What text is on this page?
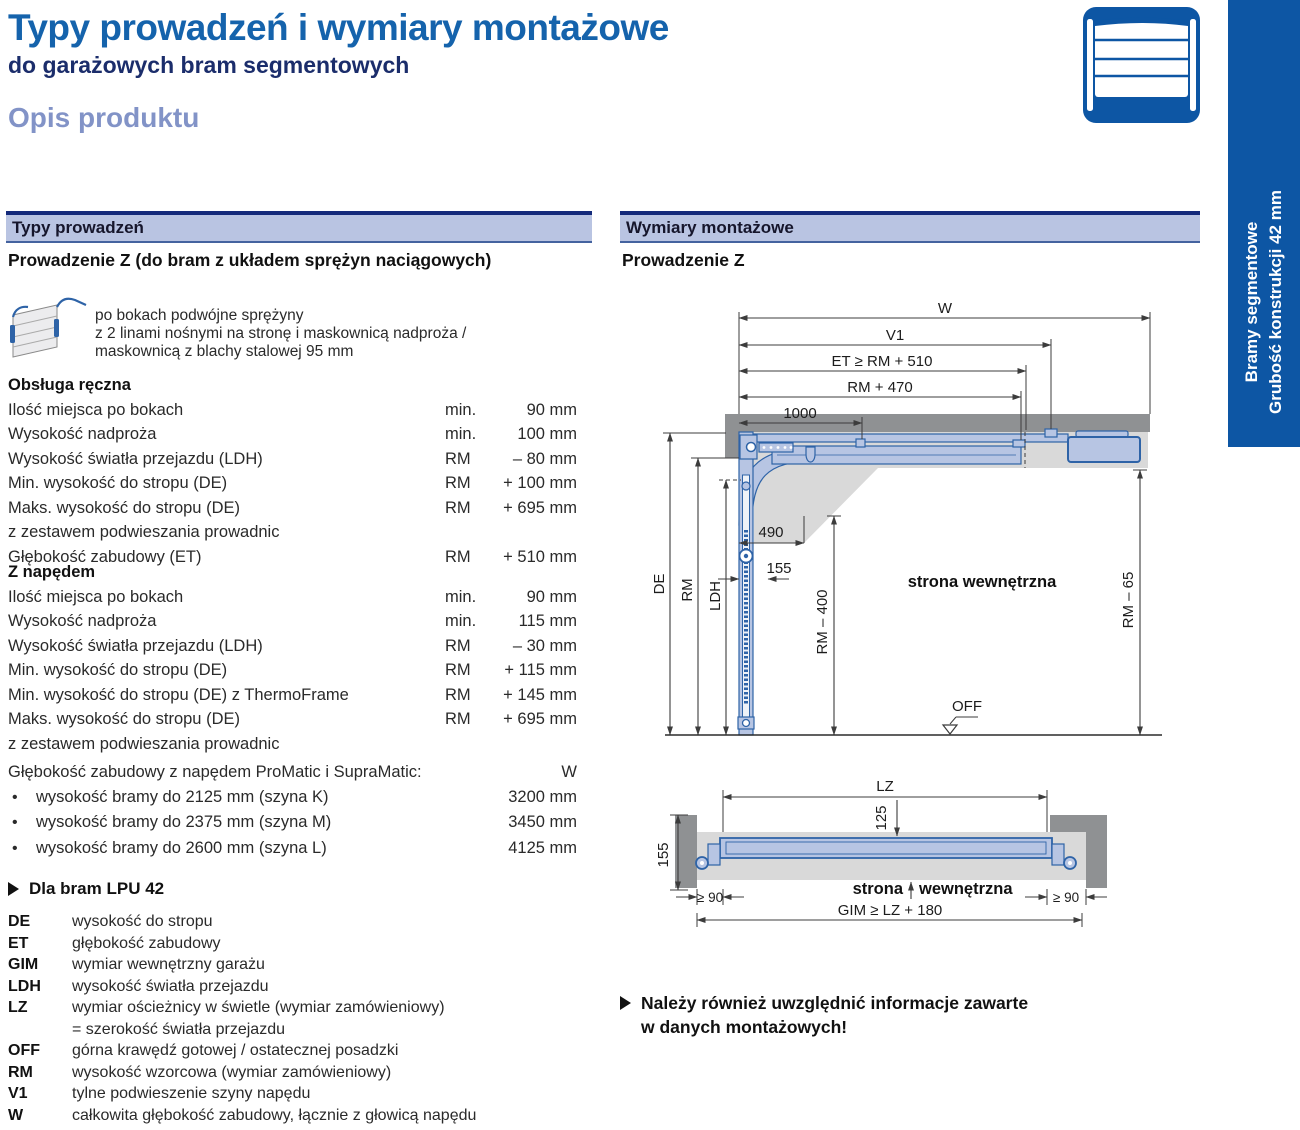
Typy prowadzeń i wymiary montażowe
do garażowych bram segmentowych
Opis produktu
Bramy segmentowe Grubość konstrukcji 42 mm
Typy prowadzeń
Prowadzenie Z (do bram z układem sprężyn naciągowych)
po bokach podwójne sprężyny
z 2 linami nośnymi na stronę i maskownicą nadproża /
maskownicą z blachy stalowej 95 mm
Obsługa ręczna
Ilość miejsca po bokach	min.	90 mm
Wysokość nadproża	min.	100 mm
Wysokość światła przejazdu (LDH)	RM	– 80 mm
Min. wysokość do stropu (DE)	RM	+ 100 mm
Maks. wysokość do stropu (DE)	RM	+ 695 mm
z zestawem podwieszania prowadnic
Głębokość zabudowy (ET)	RM	+ 510 mm
Z napędem
Ilość miejsca po bokach	min.	90 mm
Wysokość nadproża	min.	115 mm
Wysokość światła przejazdu (LDH)	RM	– 30 mm
Min. wysokość do stropu (DE)	RM	+ 115 mm
Min. wysokość do stropu (DE) z ThermoFrame	RM	+ 145 mm
Maks. wysokość do stropu (DE)	RM	+ 695 mm
z zestawem podwieszania prowadnic
Głębokość zabudowy z napędem ProMatic i SupraMatic:	W
•
wysokość bramy do 2125 mm (szyna K)	3200 mm
•
wysokość bramy do 2375 mm (szyna M)	3450 mm
•
wysokość bramy do 2600 mm (szyna L)	4125 mm
Dla bram LPU 42
DE	wysokość do stropu
ET	głębokość zabudowy
GIM	wymiar wewnętrzny garażu
LDH	wysokość światła przejazdu
LZ	wymiar ościeżnicy w świetle (wymiar zamówieniowy)
= szerokość światła przejazdu
OFF	górna krawędź gotowej / ostatecznej posadzki
RM	wysokość wzorcowa (wymiar zamówieniowy)
V1	tylne podwieszenie szyny napędu
W	całkowita głębokość zabudowy, łącznie z głowicą napędu
Wymiary montażowe
Prowadzenie Z
W
V1
ET ≥ RM + 510
RM + 470
1000
490
155
DE RM LDH	RM – 400	RM – 65
strona wewnętrzna
OFF
LZ
125
155
strona wewnętrzna
≥ 90	≥ 90
GIM ≥ LZ + 180
Należy również uwzględnić informacje zawarte
w danych montażowych!
